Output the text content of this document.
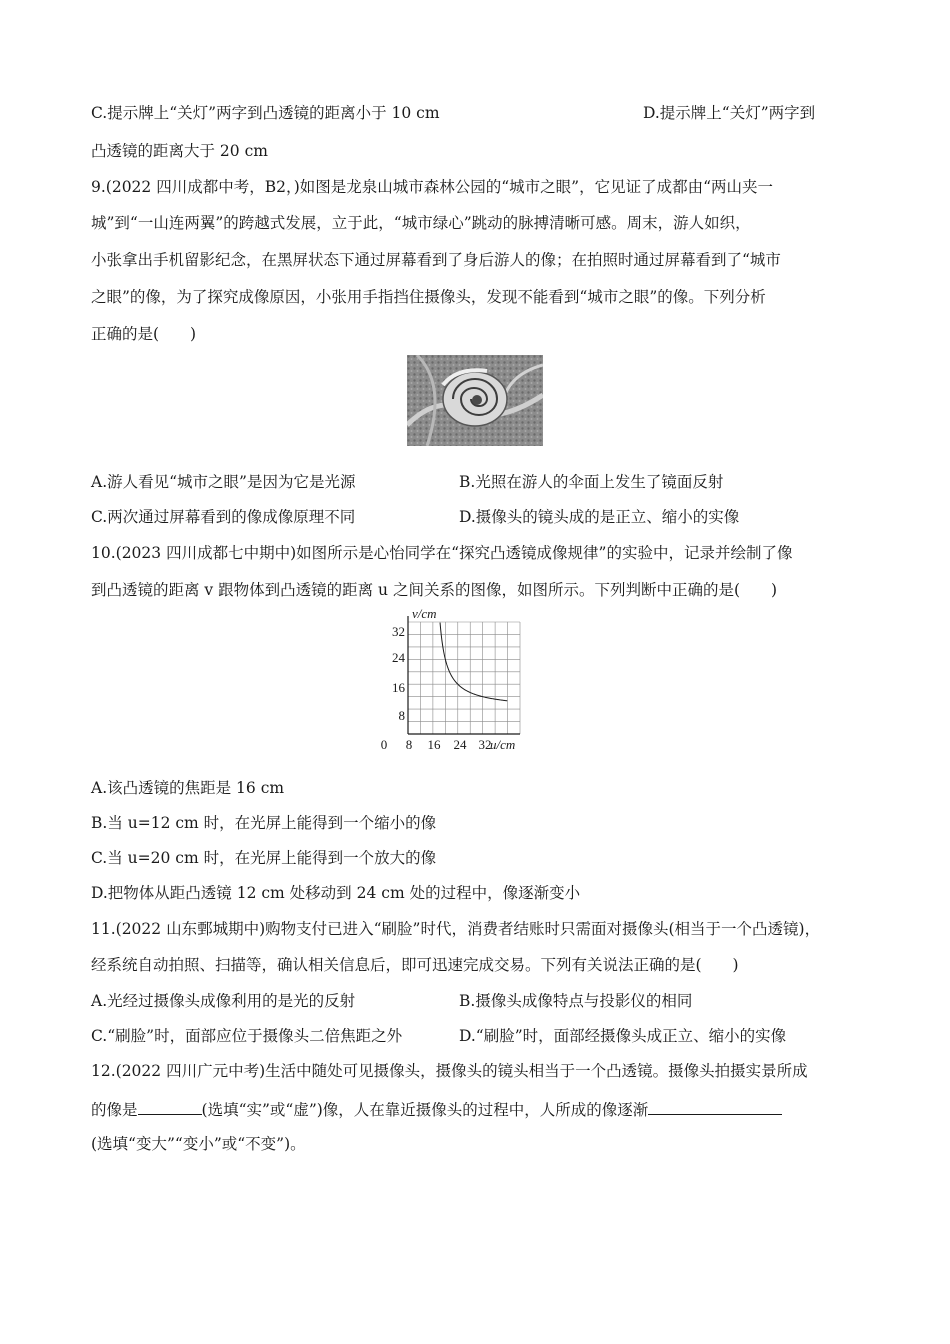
C.提示牌上“关灯”两字到凸透镜的距离小于 10 cm	D.提示牌上“关灯”两字到
凸透镜的距离大于 20 cm
9.(2022 四川成都中考，B2，)如图是龙泉山城市森林公园的“城市之眼”，它见证了成都由“两山夹一
城”到“一山连两翼”的跨越式发展，立于此，“城市绿心”跳动的脉搏清晰可感。周末，游人如织，
小张拿出手机留影纪念，在黑屏状态下通过屏幕看到了身后游人的像；在拍照时通过屏幕看到了“城市
之眼”的像，为了探究成像原因，小张用手指挡住摄像头，发现不能看到“城市之眼”的像。下列分析
正确的是(　　)
A.游人看见“城市之眼”是因为它是光源	B.光照在游人的伞面上发生了镜面反射
C.两次通过屏幕看到的像成像原理不同	D.摄像头的镜头成的是正立、缩小的实像
10.(2023 四川成都七中期中)如图所示是心怡同学在“探究凸透镜成像规律”的实验中，记录并绘制了像
到凸透镜的距离 v 跟物体到凸透镜的距离 u 之间关系的图像，如图所示。下列判断中正确的是(　　)
0 8 16 24 32
u/cm
32
24
16
8
v/cm
A.该凸透镜的焦距是 16 cm
B.当 u=12 cm 时，在光屏上能得到一个缩小的像
C.当 u=20 cm 时，在光屏上能得到一个放大的像
D.把物体从距凸透镜 12 cm 处移动到 24 cm 处的过程中，像逐渐变小
11.(2022 山东鄄城期中)购物支付已进入“刷脸”时代，消费者结账时只需面对摄像头(相当于一个凸透镜)，
经系统自动拍照、扫描等，确认相关信息后，即可迅速完成交易。下列有关说法正确的是(　　)
A.光经过摄像头成像利用的是光的反射	B.摄像头成像特点与投影仪的相同
C.“刷脸”时，面部应位于摄像头二倍焦距之外	D.“刷脸”时，面部经摄像头成正立、缩小的实像
12.(2022 四川广元中考)生活中随处可见摄像头，摄像头的镜头相当于一个凸透镜。摄像头拍摄实景所成
的像是	(选填“实”或“虚”)像，人在靠近摄像头的过程中，人所成的像逐渐
(选填“变大”“变小”或“不变”)。
